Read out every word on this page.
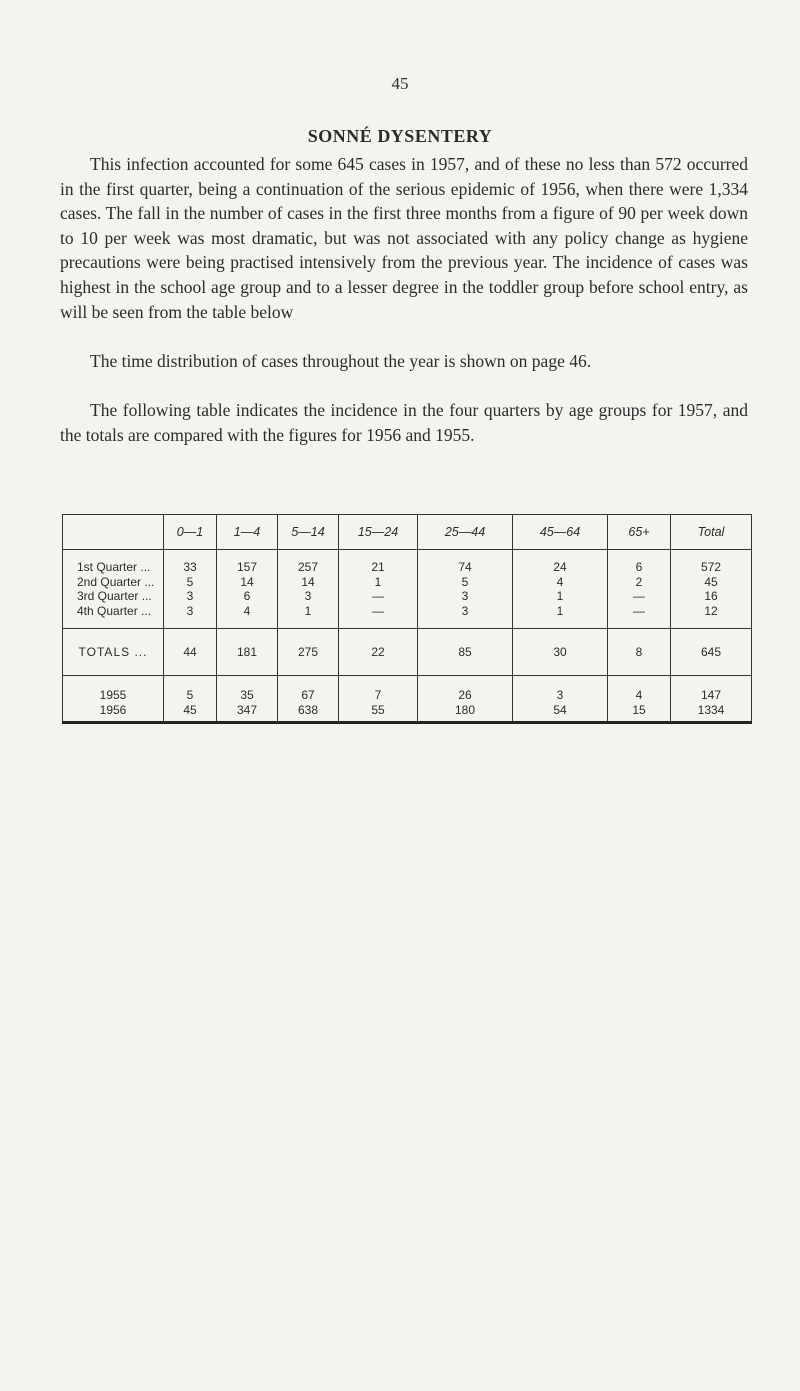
45
SONNÉ DYSENTERY

This infection accounted for some 645 cases in 1957, and of these no less than 572 occurred in the first quarter, being a continuation of the serious epidemic of 1956, when there were 1,334 cases. The fall in the number of cases in the first three months from a figure of 90 per week down to 10 per week was most dramatic, but was not associated with any policy change as hygiene precautions were being practised intensively from the previous year. The incidence of cases was highest in the school age group and to a lesser degree in the toddler group before school entry, as will be seen from the table below

The time distribution of cases throughout the year is shown on page 46.

The following table indicates the incidence in the four quarters by age groups for 1957, and the totals are compared with the figures for 1956 and 1955.

	0—1	1—4	5—14	15—24	25—44	45—64	65+	Total
1st Quarter ...	33	157	257	21	74	24	6	572
2nd Quarter ...	5	14	14	1	5	4	2	45
3rd Quarter ...	3	6	3	—	3	1	—	16
4th Quarter ...	3	4	1	—	3	1	—	12
TOTALS ...	44	181	275	22	85	30	8	645
1955	5	35	67	7	26	3	4	147
1956	45	347	638	55	180	54	15	1334
